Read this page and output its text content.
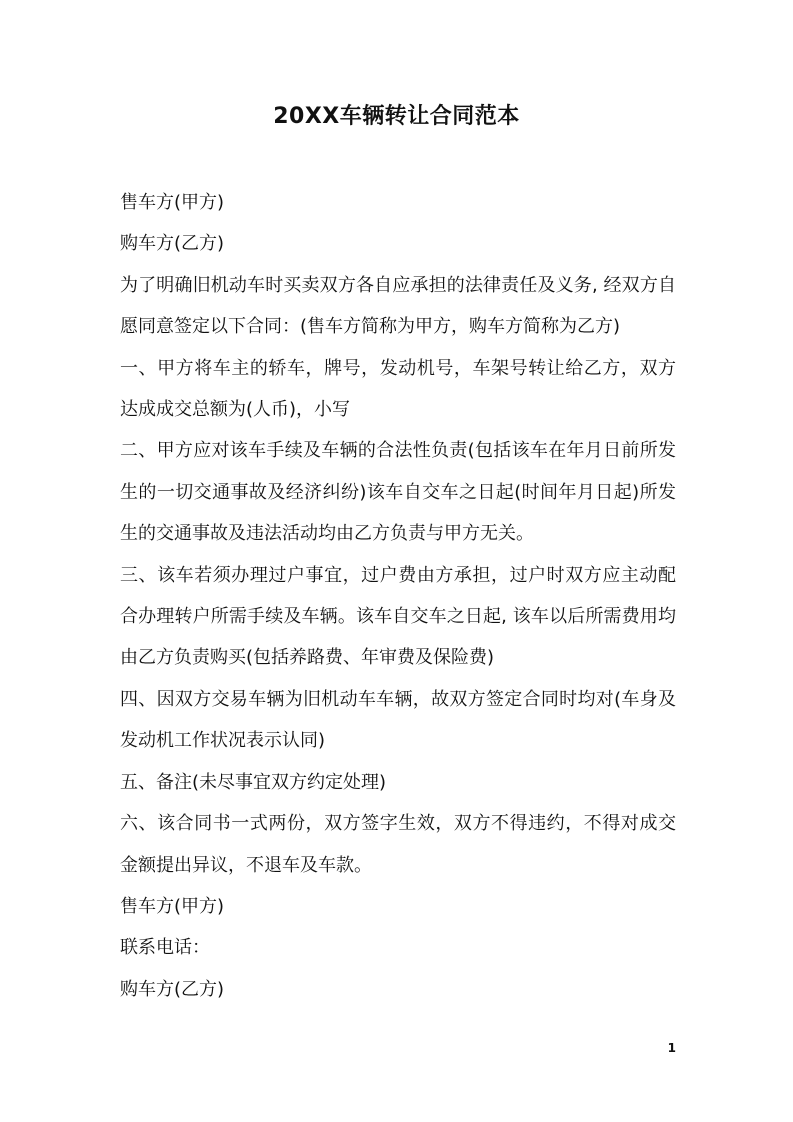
20XX车辆转让合同范本

售车方(甲方)

购车方(乙方)

为了明确旧机动车时买卖双方各自应承担的法律责任及义务, 经双方自愿同意签定以下合同：(售车方简称为甲方，购车方简称为乙方)

一、甲方将车主的轿车，牌号，发动机号，车架号转让给乙方，双方达成成交总额为(人币)，小写

二、甲方应对该车手续及车辆的合法性负责(包括该车在年月日前所发生的一切交通事故及经济纠纷)该车自交车之日起(时间年月日起)所发生的交通事故及违法活动均由乙方负责与甲方无关。

三、该车若须办理过户事宜，过户费由方承担，过户时双方应主动配合办理转户所需手续及车辆。该车自交车之日起, 该车以后所需费用均由乙方负责购买(包括养路费、年审费及保险费)

四、因双方交易车辆为旧机动车车辆，故双方签定合同时均对(车身及发动机工作状况表示认同)

五、备注(未尽事宜双方约定处理)

六、该合同书一式两份，双方签字生效，双方不得违约，不得对成交金额提出异议，不退车及车款。

售车方(甲方)

联系电话：

购车方(乙方)

1
